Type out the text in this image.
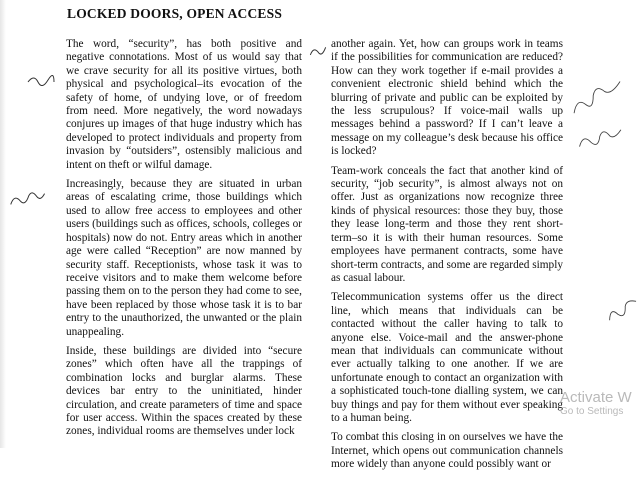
LOCKED DOORS, OPEN ACCESS

The word, “security”, has both positive and negative connotations. Most of us would say that we crave security for all its positive virtues, both physical and psychological–its evocation of the safety of home, of undying love, or of freedom from need. More negatively, the word nowadays conjures up images of that huge industry which has developed to protect individuals and property from invasion by “outsiders”, ostensibly malicious and intent on theft or wilful damage.

Increasingly, because they are situated in urban areas of escalating crime, those buildings which used to allow free access to employees and other users (buildings such as offices, schools, colleges or hospitals) now do not. Entry areas which in another age were called “Reception” are now manned by security staff. Receptionists, whose task it was to receive visitors and to make them welcome before passing them on to the person they had come to see, have been replaced by those whose task it is to bar entry to the unauthorized, the unwanted or the plain unappealing.

Inside, these buildings are divided into “secure zones” which often have all the trappings of combination locks and burglar alarms. These devices bar entry to the uninitiated, hinder circulation, and create parameters of time and space for user access. Within the spaces created by these zones, individual rooms are themselves under lock

another again. Yet, how can groups work in teams if the possibilities for communication are reduced? How can they work together if e-mail provides a convenient electronic shield behind which the blurring of private and public can be exploited by the less scrupulous? If voice-mail walls up messages behind a password? If I can’t leave a message on my colleague’s desk because his office is locked?

Team-work conceals the fact that another kind of security, “job security”, is almost always not on offer. Just as organizations now recognize three kinds of physical resources: those they buy, those they lease long-term and those they rent short-term–so it is with their human resources. Some employees have permanent contracts, some have short-term contracts, and some are regarded simply as casual labour.

Telecommunication systems offer us the direct line, which means that individuals can be contacted without the caller having to talk to anyone else. Voice-mail and the answer-phone mean that individuals can communicate without ever actually talking to one another. If we are unfortunate enough to contact an organization with a sophisticated touch-tone dialling system, we can buy things and pay for them without ever speaking to a human being.

To combat this closing in on ourselves we have the Internet, which opens out communication channels more widely than anyone could possibly want or

Activate W
Go to Settings
